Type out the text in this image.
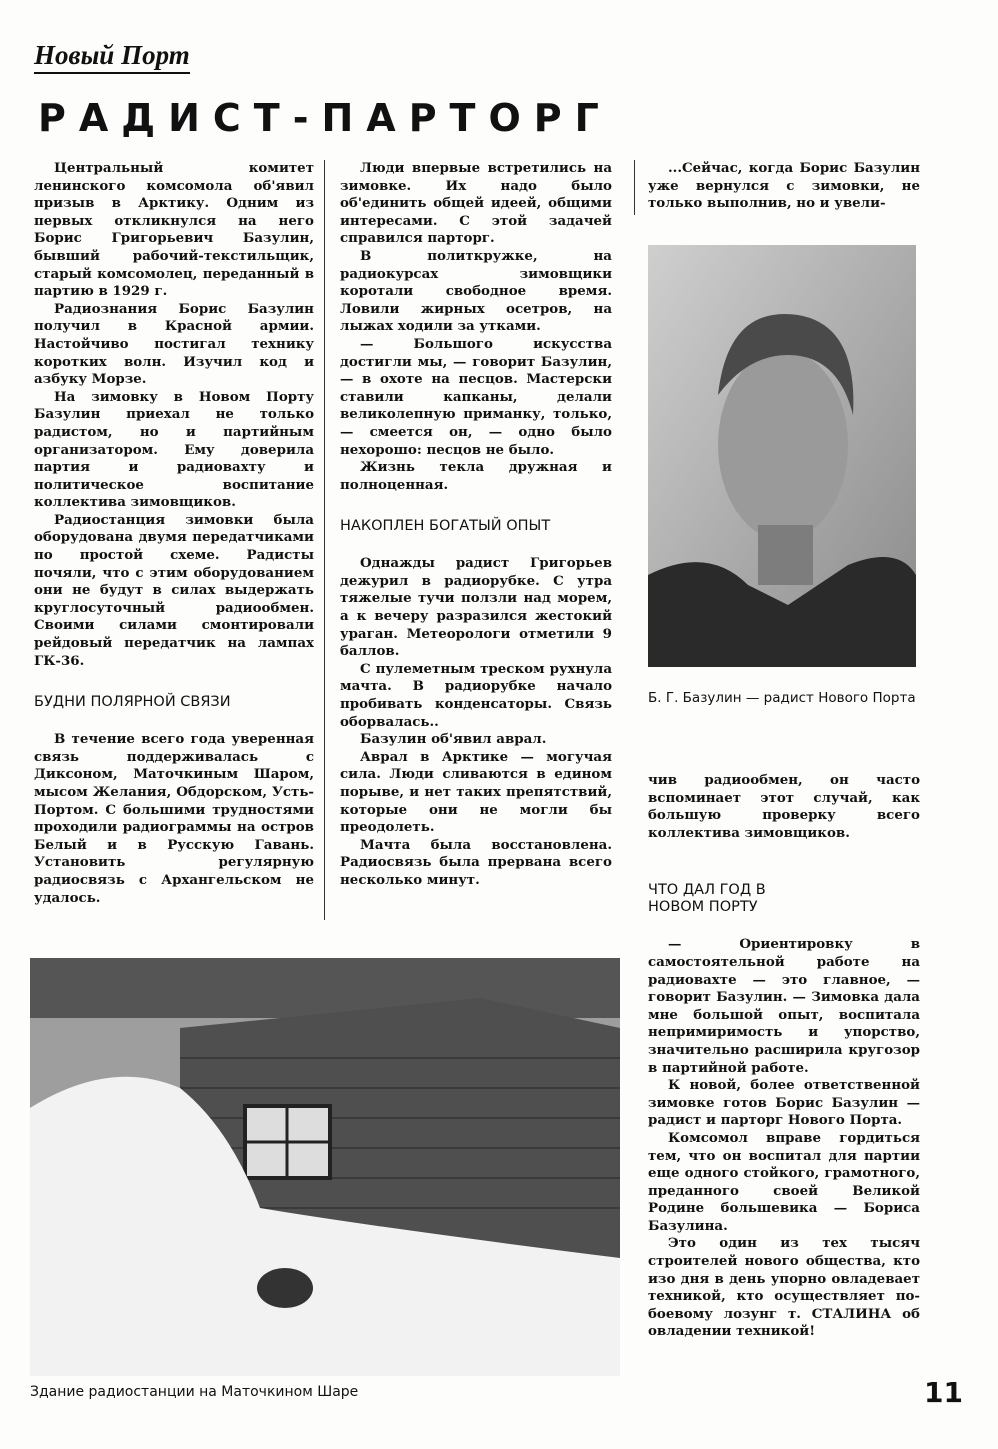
Новый Порт
РАДИСТ-ПАРТОРГ

Центральный комитет ленинского комсомола об'явил призыв в Арктику. Одним из первых откликнулся на него Борис Григорьевич Базулин, бывший рабочий-текстильщик, старый комсомолец, переданный в партию в 1929 г.

Радиознания Борис Базулин получил в Красной армии. Настойчиво постигал технику коротких волн. Изучил код и азбуку Морзе.

На зимовку в Новом Порту Базулин приехал не только радистом, но и партийным организатором. Ему доверила партия и радиовахту и политическое воспитание коллектива зимовщиков.

Радиостанция зимовки была оборудована двумя передатчиками по простой схеме. Радисты почяли, что с этим оборудованием они не будут в силах выдержать круглосуточный радиообмен. Своими силами смонтировали рейдовый передатчик на лампах ГК-36.

БУДНИ ПОЛЯРНОЙ СВЯЗИ

В течение всего года уверенная связь поддерживалась с Диксоном, Маточкиным Шаром, мысом Желания, Обдорском, Усть-Портом. С большими трудностями проходили радиограммы на остров Белый и в Русскую Гавань. Установить регулярную радиосвязь с Архангельском не удалось.

Люди впервые встретились на зимовке. Их надо было об'единить общей идеей, общими интересами. С этой задачей справился парторг.

В политкружке, на радиокурсах зимовщики коротали свободное время. Ловили жирных осетров, на лыжах ходили за утками.

— Большого искусства достигли мы, — говорит Базулин, — в охоте на песцов. Мастерски ставили капканы, делали великолепную приманку, только, — смеется он, — одно было нехорошо: песцов не было.

Жизнь текла дружная и полноценная.

НАКОПЛЕН БОГАТЫЙ ОПЫТ

Однажды радист Григорьев дежурил в радиорубке. С утра тяжелые тучи ползли над морем, а к вечеру разразился жестокий ураган. Метеорологи отметили 9 баллов.

С пулеметным треском рухнула мачта. В радиорубке начало пробивать конденсаторы. Связь оборвалась..

Базулин об'явил аврал.

Аврал в Арктике — могучая сила. Люди сливаются в едином порыве, и нет таких препятствий, которые они не могли бы преодолеть.

Мачта была восстановлена. Радиосвязь была прервана всего несколько минут.

...Сейчас, когда Борис Базулин уже вернулся с зимовки, не только выполнив, но и увели-

Б. Г. Базулин — радист Нового Порта

чив радиообмен, он часто вспоминает этот случай, как большую проверку всего коллектива зимовщиков.

ЧТО ДАЛ ГОД В НОВОМ ПОРТУ

— Ориентировку в самостоятельной работе на радиовахте — это главное, — говорит Базулин. — Зимовка дала мне большой опыт, воспитала непримиримость и упорство, значительно расширила кругозор в партийной работе.

К новой, более ответственной зимовке готов Борис Базулин — радист и парторг Нового Порта.

Комсомол вправе гордиться тем, что он воспитал для партии еще одного стойкого, грамотного, преданного своей Великой Родине большевика — Бориса Базулина.

Это один из тех тысяч строителей нового общества, кто изо дня в день упорно овладевает техникой, кто осуществляет по-боевому лозунг т. СТАЛИНА об овладении техникой!

Здание радиостанции на Маточкином Шаре	11
